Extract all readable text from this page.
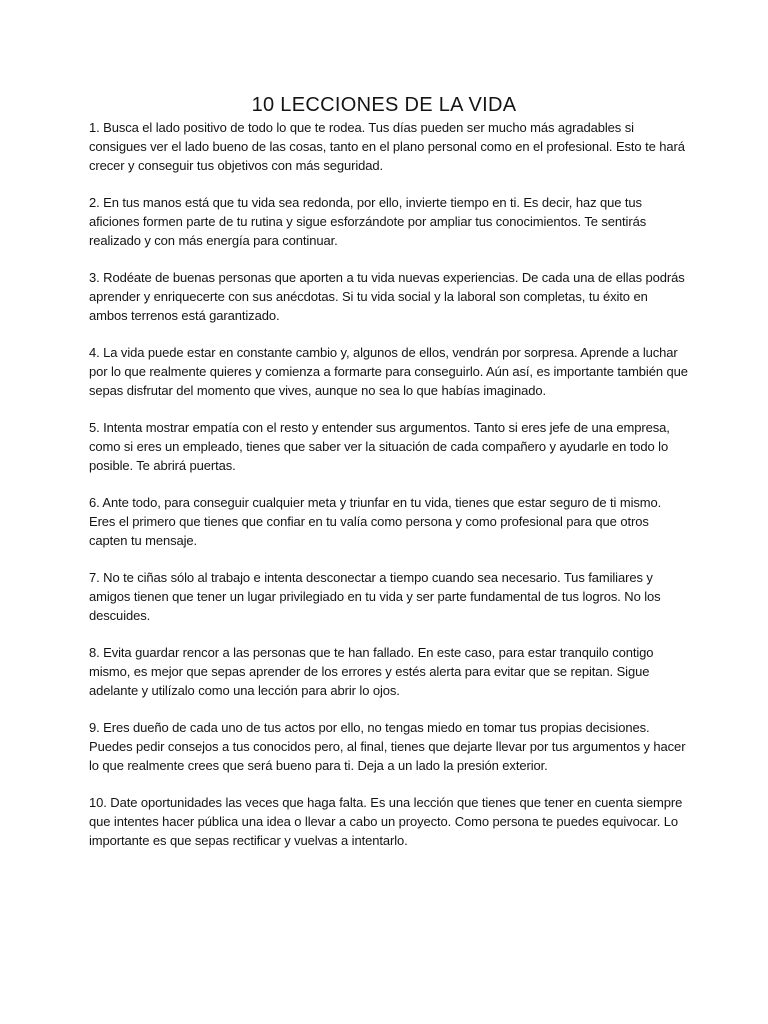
10 LECCIONES DE LA VIDA

1. Busca el lado positivo de todo lo que te rodea. Tus días pueden ser mucho más agradables si consigues ver el lado bueno de las cosas, tanto en el plano personal como en el profesional. Esto te hará crecer y conseguir tus objetivos con más seguridad.

2. En tus manos está que tu vida sea redonda, por ello, invierte tiempo en ti. Es decir, haz que tus aficiones formen parte de tu rutina y sigue esforzándote por ampliar tus conocimientos. Te sentirás realizado y con más energía para continuar.

3. Rodéate de buenas personas que aporten a tu vida nuevas experiencias. De cada una de ellas podrás aprender y enriquecerte con sus anécdotas. Si tu vida social y la laboral son completas, tu éxito en ambos terrenos está garantizado.

4. La vida puede estar en constante cambio y, algunos de ellos, vendrán por sorpresa. Aprende a luchar por lo que realmente quieres y comienza a formarte para conseguirlo. Aún así, es importante también que sepas disfrutar del momento que vives, aunque no sea lo que habías imaginado.

5. Intenta mostrar empatía con el resto y entender sus argumentos. Tanto si eres jefe de una empresa, como si eres un empleado, tienes que saber ver la situación de cada compañero y ayudarle en todo lo posible. Te abrirá puertas.

6. Ante todo, para conseguir cualquier meta y triunfar en tu vida, tienes que estar seguro de ti mismo. Eres el primero que tienes que confiar en tu valía como persona y como profesional para que otros capten tu mensaje.

7. No te ciñas sólo al trabajo e intenta desconectar a tiempo cuando sea necesario. Tus familiares y amigos tienen que tener un lugar privilegiado en tu vida y ser parte fundamental de tus logros. No los descuides.

8. Evita guardar rencor a las personas que te han fallado. En este caso, para estar tranquilo contigo mismo, es mejor que sepas aprender de los errores y estés alerta para evitar que se repitan. Sigue adelante y utilízalo como una lección para abrir lo ojos.

9. Eres dueño de cada uno de tus actos por ello, no tengas miedo en tomar tus propias decisiones. Puedes pedir consejos a tus conocidos pero, al final, tienes que dejarte llevar por tus argumentos y hacer lo que realmente crees que será bueno para ti. Deja a un lado la presión exterior.

10. Date oportunidades las veces que haga falta. Es una lección que tienes que tener en cuenta siempre que intentes hacer pública una idea o llevar a cabo un proyecto. Como persona te puedes equivocar. Lo importante es que sepas rectificar y vuelvas a intentarlo.
